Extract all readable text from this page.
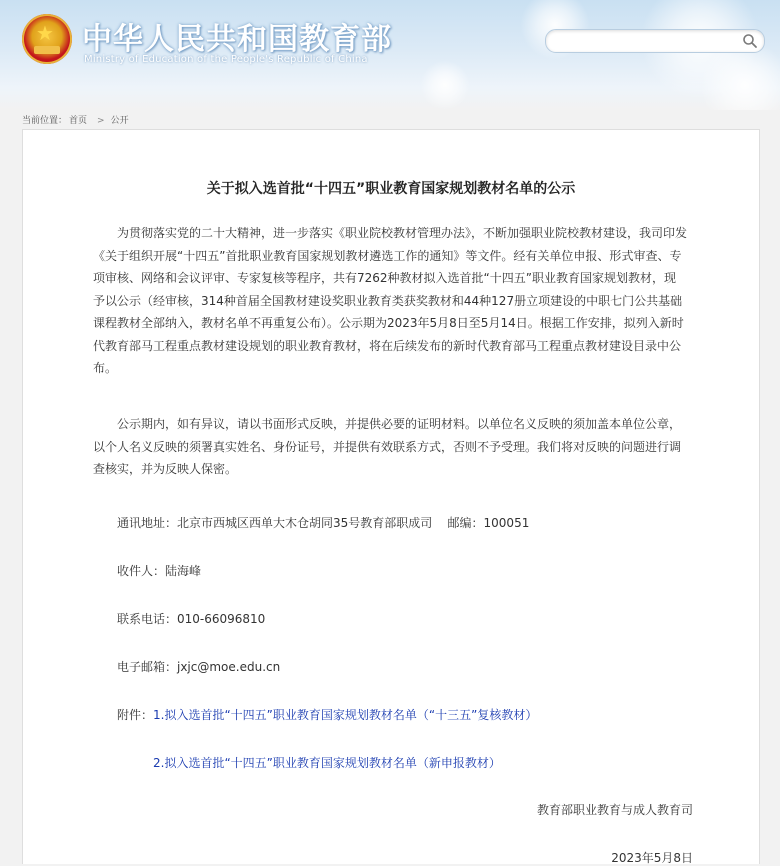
★ 中华人民共和国教育部
Ministry of Education of the People's Republic of China
当前位置： 首页 > 公开
关于拟入选首批“十四五”职业教育国家规划教材名单的公示

为贯彻落实党的二十大精神，进一步落实《职业院校教材管理办法》，不断加强职业院校教材建设，我司印发《关于组织开展“十四五”首批职业教育国家规划教材遴选工作的通知》等文件。经有关单位申报、形式审查、专项审核、网络和会议评审、专家复核等程序，共有7262种教材拟入选首批“十四五”职业教育国家规划教材，现予以公示（经审核，314种首届全国教材建设奖职业教育类获奖教材和44种127册立项建设的中职七门公共基础课程教材全部纳入，教材名单不再重复公布）。公示期为2023年5月8日至5月14日。根据工作安排，拟列入新时代教育部马工程重点教材建设规划的职业教育教材，将在后续发布的新时代教育部马工程重点教材建设目录中公布。

公示期内，如有异议，请以书面形式反映，并提供必要的证明材料。以单位名义反映的须加盖本单位公章，以个人名义反映的须署真实姓名、身份证号，并提供有效联系方式，否则不予受理。我们将对反映的问题进行调查核实，并为反映人保密。

通讯地址：北京市西城区西单大木仓胡同35号教育部职成司    邮编：100051
收件人：陆海峰
联系电话：010-66096810
电子邮箱：jxjc@moe.edu.cn
附件：1.拟入选首批“十四五”职业教育国家规划教材名单（“十三五”复核教材）
2.拟入选首批“十四五”职业教育国家规划教材名单（新申报教材）
教育部职业教育与成人教育司
2023年5月8日
